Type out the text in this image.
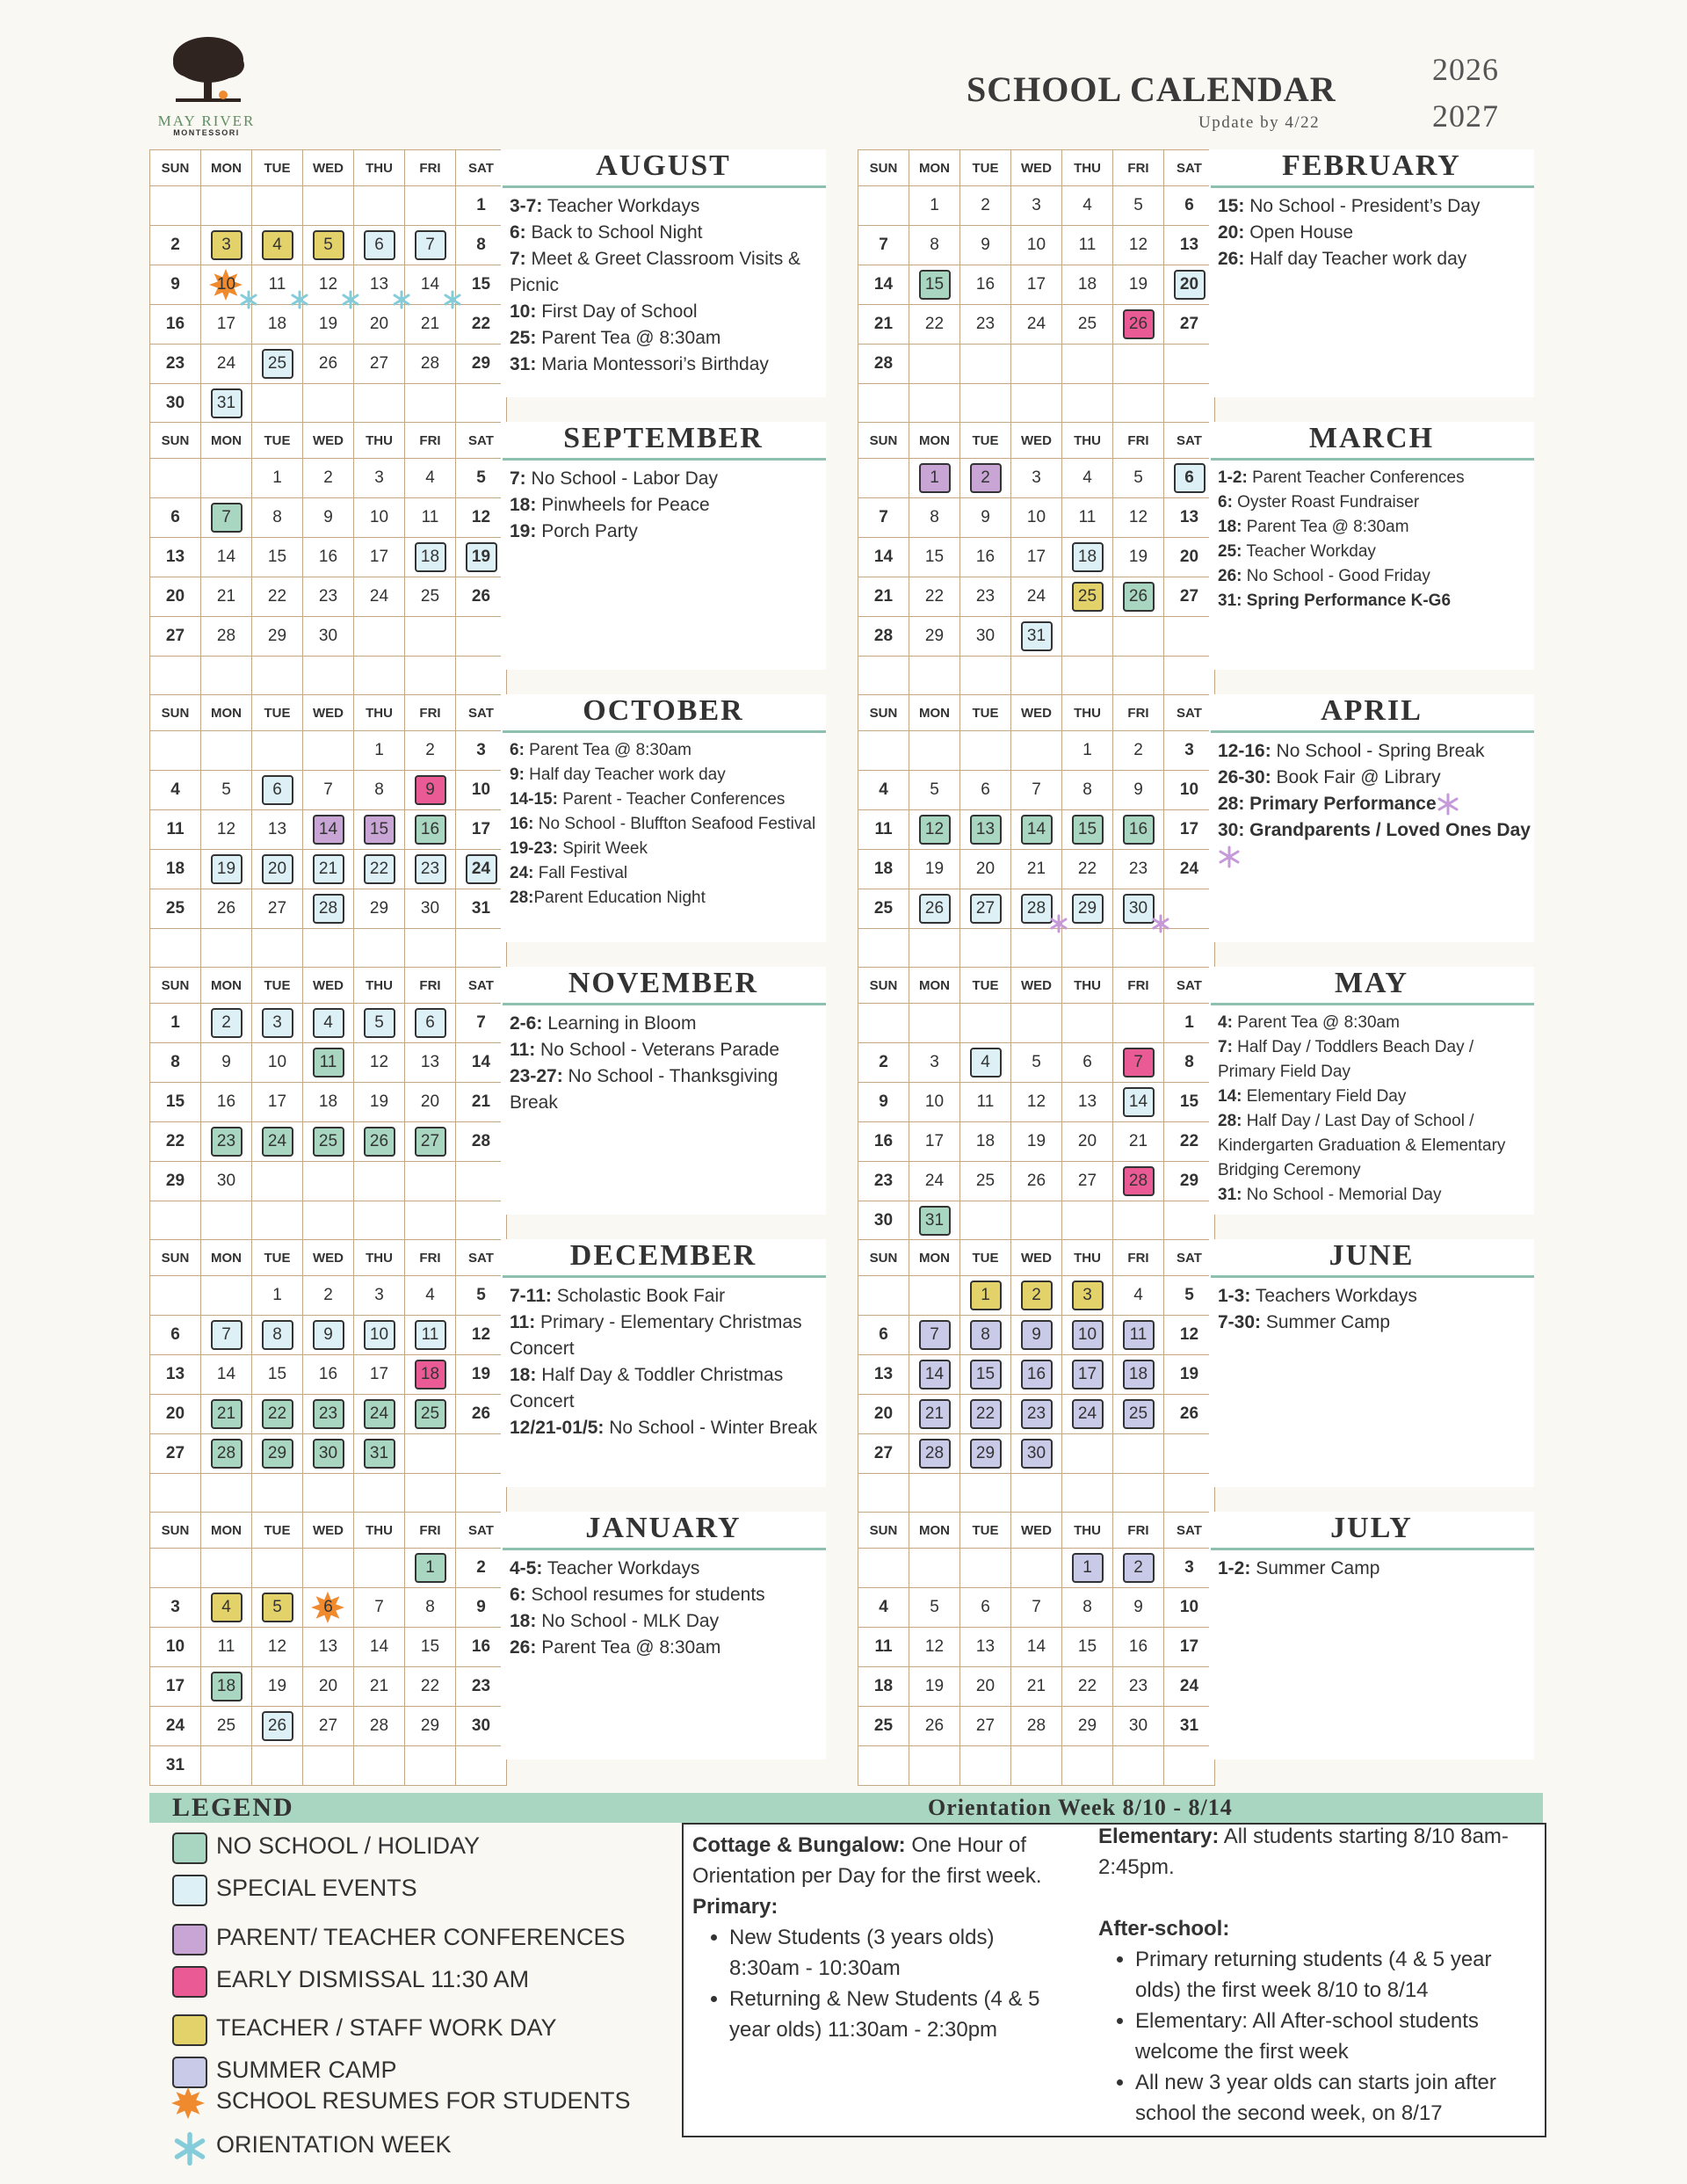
MAY RIVER
MONTESSORI
SCHOOL CALENDAR
Update by 4/22
2026
2027
SUN	MON	TUE	WED	THU	FRI	SAT
						1
2	3	4	5	6	7	8
9	10	11	12	13	14	15
16	17	18	19	20	21	22
23	24	25	26	27	28	29
30	31					
AUGUST
3-7: Teacher Workdays
6: Back to School Night
7: Meet & Greet Classroom Visits & Picnic
10: First Day of School
25: Parent Tea @ 8:30am
31: Maria Montessori’s Birthday
SUN	MON	TUE	WED	THU	FRI	SAT
		1	2	3	4	5
6	7	8	9	10	11	12
13	14	15	16	17	18	19
20	21	22	23	24	25	26
27	28	29	30			

SEPTEMBER
7: No School - Labor Day
18: Pinwheels for Peace
19: Porch Party
SUN	MON	TUE	WED	THU	FRI	SAT
				1	2	3
4	5	6	7	8	9	10
11	12	13	14	15	16	17
18	19	20	21	22	23	24
25	26	27	28	29	30	31

OCTOBER
6: Parent Tea @ 8:30am
9: Half day Teacher work day
14-15: Parent - Teacher Conferences
16: No School - Bluffton Seafood Festival
19-23: Spirit Week
24: Fall Festival
28:Parent Education Night
SUN	MON	TUE	WED	THU	FRI	SAT
1	2	3	4	5	6	7
8	9	10	11	12	13	14
15	16	17	18	19	20	21
22	23	24	25	26	27	28
29	30					

NOVEMBER
2-6: Learning in Bloom
11: No School - Veterans Parade
23-27: No School - Thanksgiving Break
SUN	MON	TUE	WED	THU	FRI	SAT
		1	2	3	4	5
6	7	8	9	10	11	12
13	14	15	16	17	18	19
20	21	22	23	24	25	26
27	28	29	30	31		

DECEMBER
7-11: Scholastic Book Fair
11: Primary - Elementary Christmas Concert
18: Half Day & Toddler Christmas Concert
12/21-01/5: No School - Winter Break
SUN	MON	TUE	WED	THU	FRI	SAT
					1	2
3	4	5	6	7	8	9
10	11	12	13	14	15	16
17	18	19	20	21	22	23
24	25	26	27	28	29	30
31						
JANUARY
4-5: Teacher Workdays
6: School resumes for students
18: No School - MLK Day
26: Parent Tea @ 8:30am
SUN	MON	TUE	WED	THU	FRI	SAT
	1	2	3	4	5	6
7	8	9	10	11	12	13
14	15	16	17	18	19	20
21	22	23	24	25	26	27
28						

FEBRUARY
15: No School - President’s Day
20: Open House
26: Half day Teacher work day
SUN	MON	TUE	WED	THU	FRI	SAT
	1	2	3	4	5	6
7	8	9	10	11	12	13
14	15	16	17	18	19	20
21	22	23	24	25	26	27
28	29	30	31			

MARCH
1-2: Parent Teacher Conferences
6: Oyster Roast Fundraiser
18: Parent Tea @ 8:30am
25: Teacher Workday
26: No School - Good Friday
31: Spring Performance K-G6
SUN	MON	TUE	WED	THU	FRI	SAT
				1	2	3
4	5	6	7	8	9	10
11	12	13	14	15	16	17
18	19	20	21	22	23	24
25	26	27	28	29	30

APRIL
12-16: No School - Spring Break
26-30: Book Fair @ Library
28: Primary Performance
30: Grandparents / Loved Ones Day
SUN	MON	TUE	WED	THU	FRI	SAT
						1
2	3	4	5	6	7	8
9	10	11	12	13	14	15
16	17	18	19	20	21	22
23	24	25	26	27	28	29
30	31					
MAY
4: Parent Tea @ 8:30am
7: Half Day / Toddlers Beach Day / Primary Field Day
14: Elementary Field Day
28: Half Day / Last Day of School / Kindergarten Graduation & Elementary Bridging Ceremony
31: No School - Memorial Day
SUN	MON	TUE	WED	THU	FRI	SAT
		1	2	3	4	5
6	7	8	9	10	11	12
13	14	15	16	17	18	19
20	21	22	23	24	25	26
27	28	29	30			

JUNE
1-3: Teachers Workdays
7-30: Summer Camp
SUN	MON	TUE	WED	THU	FRI	SAT
				1	2	3
4	5	6	7	8	9	10
11	12	13	14	15	16	17
18	19	20	21	22	23	24
25	26	27	28	29	30	31

JULY
1-2: Summer Camp
LEGEND	Orientation Week 8/10 - 8/14
NO SCHOOL / HOLIDAY
SPECIAL EVENTS
PARENT/ TEACHER CONFERENCES
EARLY DISMISSAL 11:30 AM
TEACHER / STAFF WORK DAY
SUMMER CAMP
SCHOOL RESUMES FOR STUDENTS
ORIENTATION WEEK
Cottage & Bungalow: One Hour of Orientation per Day for the first week.
Primary:
• New Students (3 years olds) 8:30am - 10:30am
• Returning & New Students (4 & 5 year olds) 11:30am - 2:30pm
Elementary: All students starting 8/10 8am-2:45pm.
After-school:
• Primary returning students (4 & 5 year olds) the first week 8/10 to 8/14
• Elementary: All After-school students welcome the first week
• All new 3 year olds can starts join after school the second week, on 8/17
